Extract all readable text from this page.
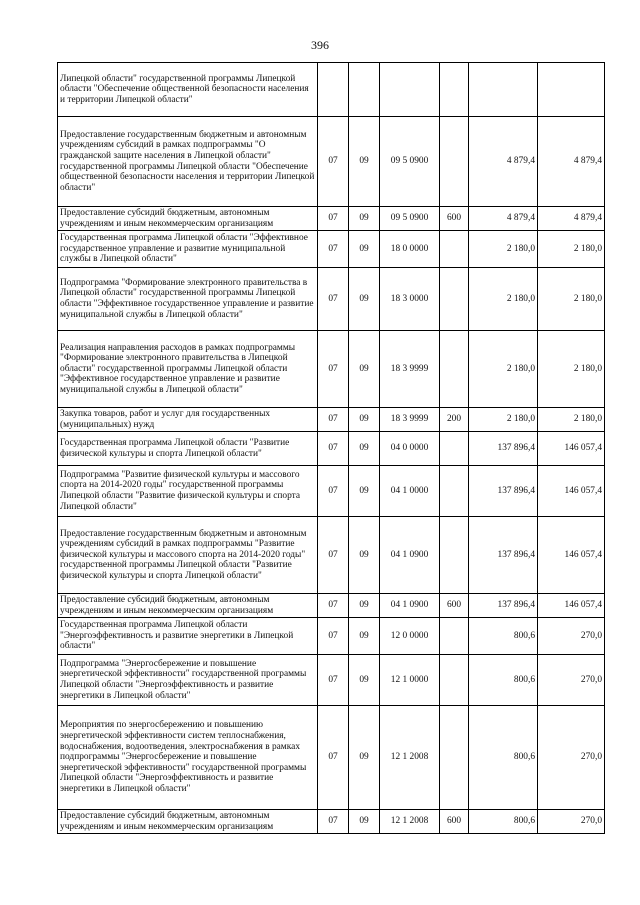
396
Липецкой области" государственной программы Липецкой области "Обеспечение общественной безопасности населения и территории Липецкой области"						
Предоставление государственным бюджетным и автономным учреждениям субсидий в рамках подпрограммы "О гражданской защите населения в Липецкой области" государственной программы Липецкой области "Обеспечение общественной безопасности населения и территории Липецкой области"	07	09	09 5 0900		4 879,4	4 879,4
Предоставление субсидий бюджетным, автономным учреждениям и иным некоммерческим организациям	07	09	09 5 0900	600	4 879,4	4 879,4
Государственная программа Липецкой области "Эффективное государственное управление и развитие муниципальной службы в Липецкой области"	07	09	18 0 0000		2 180,0	2 180,0
Подпрограмма "Формирование электронного правительства в Липецкой области" государственной программы Липецкой области "Эффективное государственное управление и развитие муниципальной службы в Липецкой области"	07	09	18 3 0000		2 180,0	2 180,0
Реализация направления расходов в рамках подпрограммы "Формирование электронного правительства в Липецкой области" государственной программы Липецкой области "Эффективное государственное управление и развитие муниципальной службы в Липецкой области"	07	09	18 3 9999		2 180,0	2 180,0
Закупка товаров, работ и услуг для государственных (муниципальных) нужд	07	09	18 3 9999	200	2 180,0	2 180,0
Государственная программа Липецкой области "Развитие физической культуры и спорта Липецкой области"	07	09	04 0 0000		137 896,4	146 057,4
Подпрограмма "Развитие физической культуры и массового спорта на 2014-2020 годы" государственной программы Липецкой области "Развитие физической культуры и спорта Липецкой области"	07	09	04 1 0000		137 896,4	146 057,4
Предоставление государственным бюджетным и автономным учреждениям субсидий в рамках подпрограммы "Развитие физической культуры и массового спорта на 2014-2020 годы" государственной программы Липецкой области "Развитие физической культуры и спорта Липецкой области"	07	09	04 1 0900		137 896,4	146 057,4
Предоставление субсидий бюджетным, автономным учреждениям и иным некоммерческим организациям	07	09	04 1 0900	600	137 896,4	146 057,4
Государственная программа Липецкой области "Энергоэффективность и развитие энергетики в Липецкой области"	07	09	12 0 0000		800,6	270,0
Подпрограмма "Энергосбережение и повышение энергетической эффективности" государственной программы Липецкой области "Энергоэффективность и развитие энергетики в Липецкой области"	07	09	12 1 0000		800,6	270,0
Мероприятия по энергосбережению и повышению энергетической эффективности систем теплоснабжения, водоснабжения, водоотведения, электроснабжения в рамках подпрограммы "Энергосбережение и повышение энергетической эффективности" государственной программы Липецкой области "Энергоэффективность и развитие энергетики в Липецкой области"	07	09	12 1 2008		800,6	270,0
Предоставление субсидий бюджетным, автономным учреждениям и иным некоммерческим организациям	07	09	12 1 2008	600	800,6	270,0
